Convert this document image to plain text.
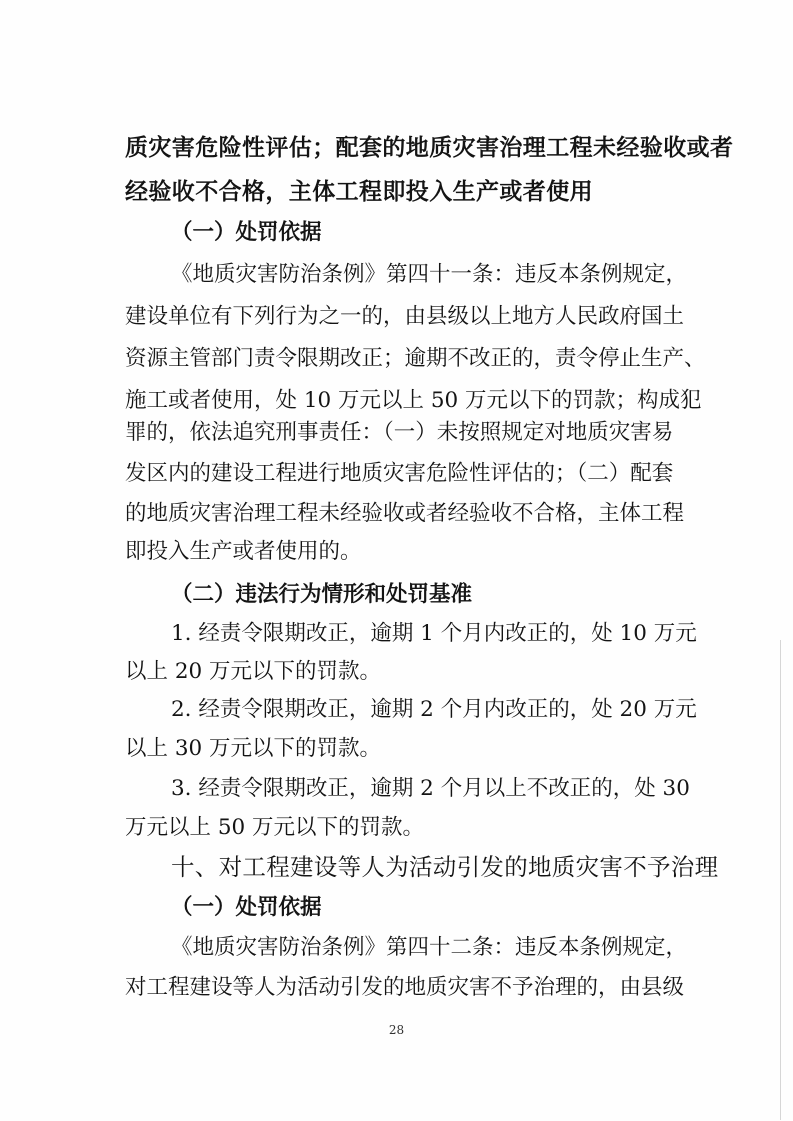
质灾害危险性评估；配套的地质灾害治理工程未经验收或者
经验收不合格，主体工程即投入生产或者使用
（一）处罚依据
《地质灾害防治条例》第四十一条：违反本条例规定，
建设单位有下列行为之一的，由县级以上地方人民政府国土
资源主管部门责令限期改正；逾期不改正的，责令停止生产、
施工或者使用，处 10 万元以上 50 万元以下的罚款；构成犯
罪的，依法追究刑事责任：（一）未按照规定对地质灾害易
发区内的建设工程进行地质灾害危险性评估的；（二）配套
的地质灾害治理工程未经验收或者经验收不合格，主体工程
即投入生产或者使用的。
（二）违法行为情形和处罚基准
1. 经责令限期改正，逾期 1 个月内改正的，处 10 万元
以上 20 万元以下的罚款。
2. 经责令限期改正，逾期 2 个月内改正的，处 20 万元
以上 30 万元以下的罚款。
3. 经责令限期改正，逾期 2 个月以上不改正的，处 30
万元以上 50 万元以下的罚款。
十、对工程建设等人为活动引发的地质灾害不予治理
（一）处罚依据
《地质灾害防治条例》第四十二条：违反本条例规定，
对工程建设等人为活动引发的地质灾害不予治理的，由县级
28
